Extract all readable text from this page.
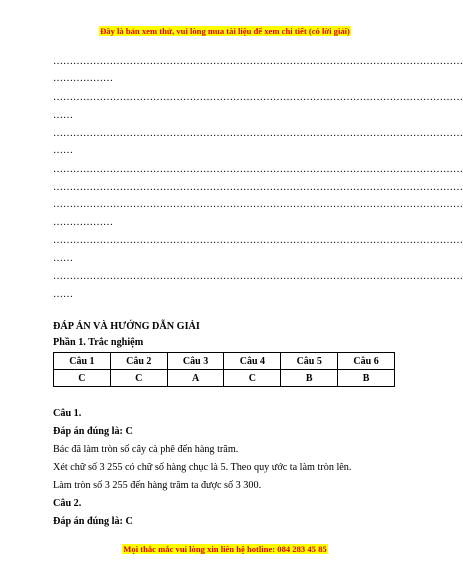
Đây là bản xem thử, vui lòng mua tài liệu để xem chi tiết (có lời giải)
……………………………………………………………………………………………………………
………………
……………………………………………………………………………………………………………
……
……………………………………………………………………………………………………………
……
……………………………………………………………………………………………………………
……………………………………………………………………………………………………………
……………………………………………………………………………………………………………
………………
……………………………………………………………………………………………………………
……
……………………………………………………………………………………………………………
……
ĐÁP ÁN VÀ HƯỚNG DẪN GIẢI
Phần 1. Trắc nghiệm
Câu 1	Câu 2	Câu 3	Câu 4	Câu 5	Câu 6
C	C	A	C	B	B
Câu 1.
Đáp án đúng là: C
Bác đã làm tròn số cây cà phê đến hàng trăm.
Xét chữ số 3 255 có chữ số hàng chục là 5. Theo quy ước ta làm tròn lên.
Làm tròn số 3 255 đến hàng trăm ta được số 3 300.
Câu 2.
Đáp án đúng là: C
Mọi thắc mắc vui lòng xin liên hệ hotline: 084 283 45 85
